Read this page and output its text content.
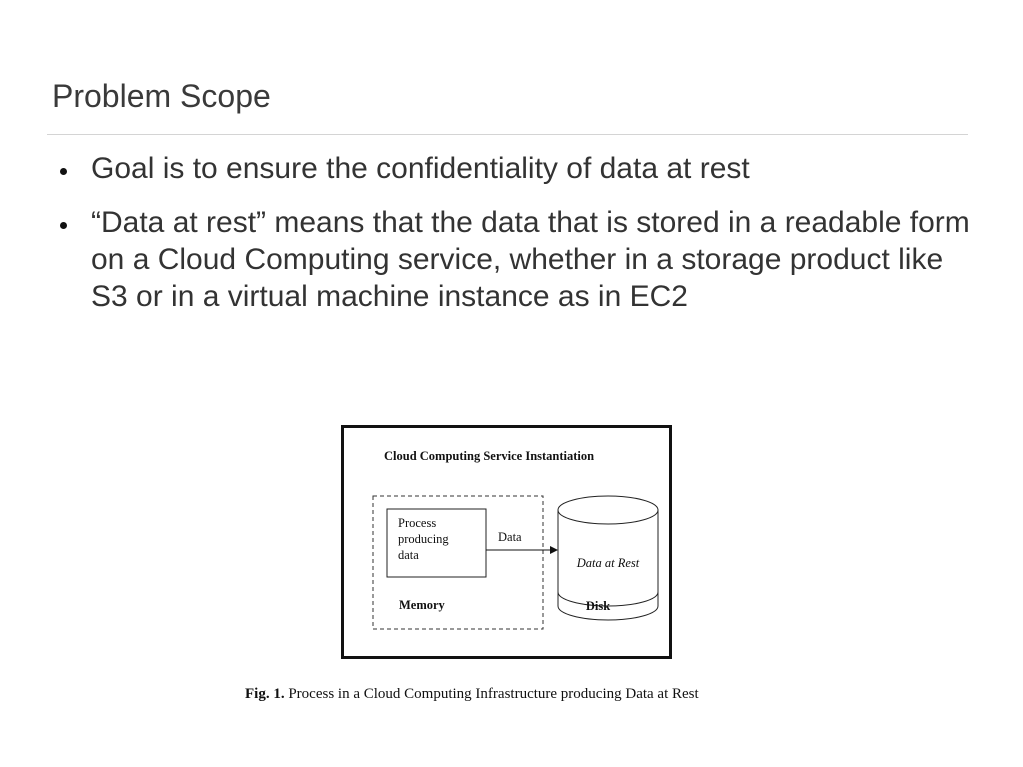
Problem Scope
Goal is to ensure the confidentiality of data at rest
“Data at rest” means that the data that is stored in a readable form on a Cloud Computing service, whether in a storage product like S3 or in a virtual machine instance as in EC2
Cloud Computing Service Instantiation
Process
producing
data
Data
Memory
Data at Rest
Disk
Fig. 1. Process in a Cloud Computing Infrastructure producing Data at Rest
